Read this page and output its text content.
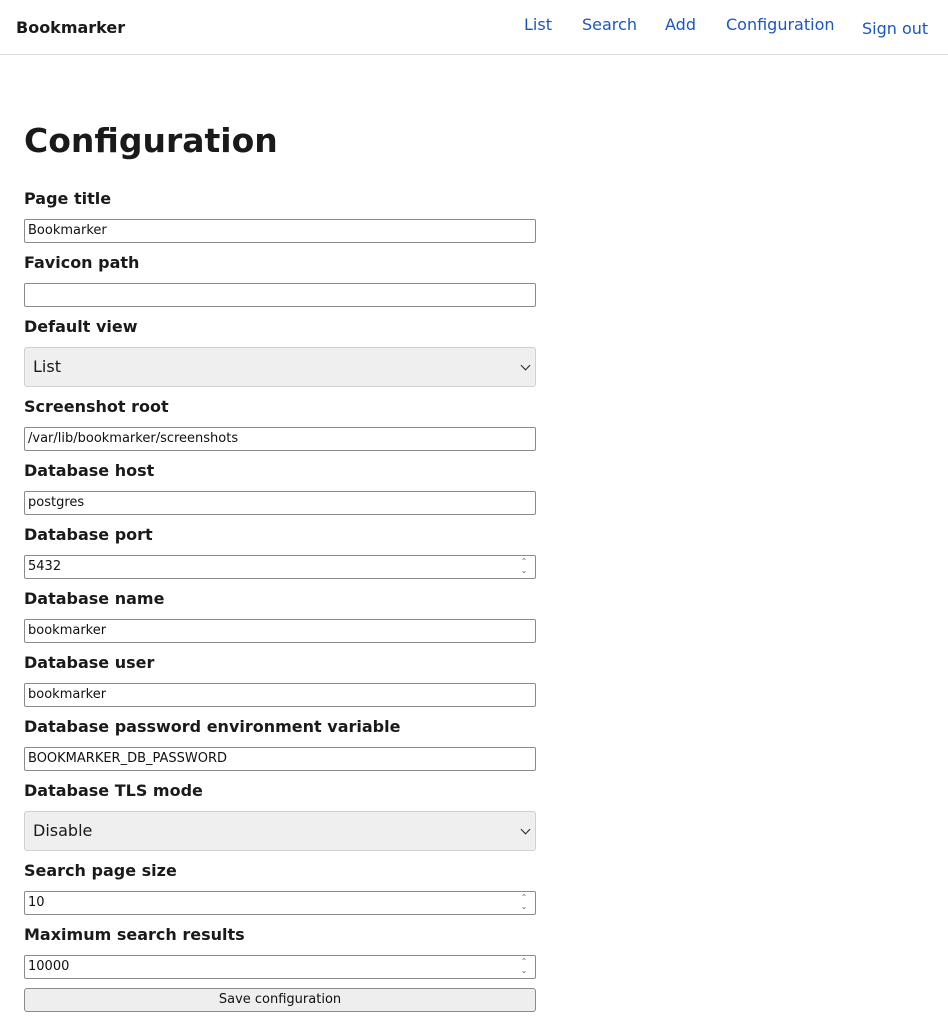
Bookmarker	List Search Add Configuration Sign out
Configuration
Page title
Bookmarker
Favicon path
Default view
List
Screenshot root
/var/lib/bookmarker/screenshots
Database host
postgres
Database port
5432	⌃
⌄
Database name
bookmarker
Database user
bookmarker
Database password environment variable
BOOKMARKER_DB_PASSWORD
Database TLS mode
Disable
Search page size
10	⌃
⌄
Maximum search results
10000	⌃
⌄
Save configuration
